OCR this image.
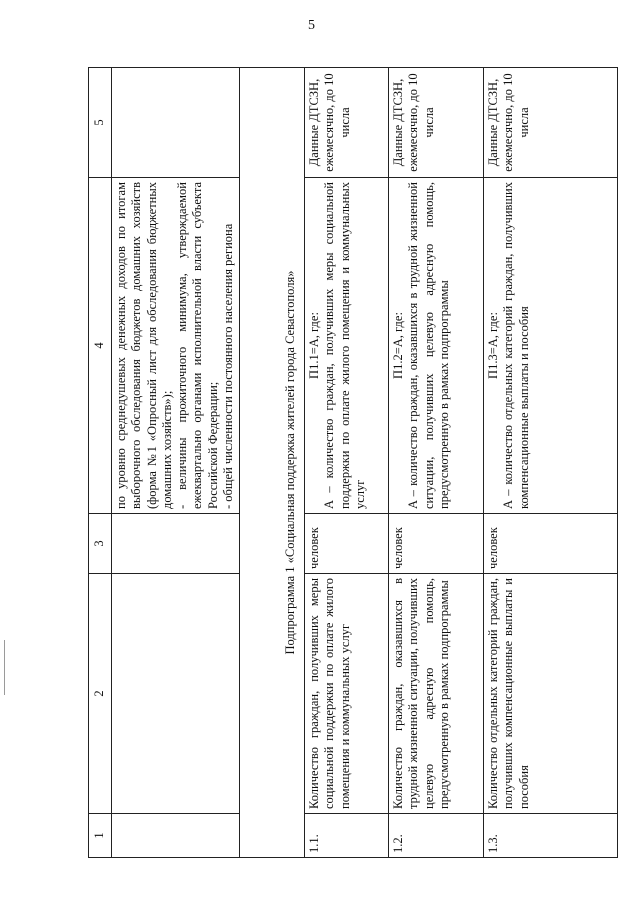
5
1	2	3	4	5

			по уровню среднедушевых денежных доходов по итогам выборочного обследования бюджетов домашних хозяйств (форма №1 «Опросный лист для обследования бюджетных домашних хозяйств»); - величины прожиточного минимума, утверждаемой ежеквартально органами исполнительной власти субъекта Российской Федерации; - общей численности постоянного населения региона	

Подпрограмма 1 «Социальная поддержка жителей города Севастополя»				
1.1.	Количество граждан, получивших меры социальной поддержки по оплате жилого помещения и коммунальных услуг	человек	П1.1=A, где: A – количество граждан, получивших меры социальной поддержки по оплате жилого помещения и коммунальных услуг	Данные ДТСЗН, ежемесячно, до 10 числа
1.2.	Количество граждан, оказавшихся в трудной жизненной ситуации, получивших целевую адресную помощь, предусмотренную в рамках подпрограммы	человек	П1.2=A, где: A – количество граждан, оказавшихся в трудной жизненной ситуации, получивших целевую адресную помощь, предусмотренную в рамках подпрограммы	Данные ДТСЗН, ежемесячно, до 10 числа
1.3.	Количество отдельных категорий граждан, получивших компенсационные выплаты и пособия	человек	П1.3=A, где: A – количество отдельных категорий граждан, получивших компенсационные выплаты и пособия	Данные ДТСЗН, ежемесячно, до 10 числа
